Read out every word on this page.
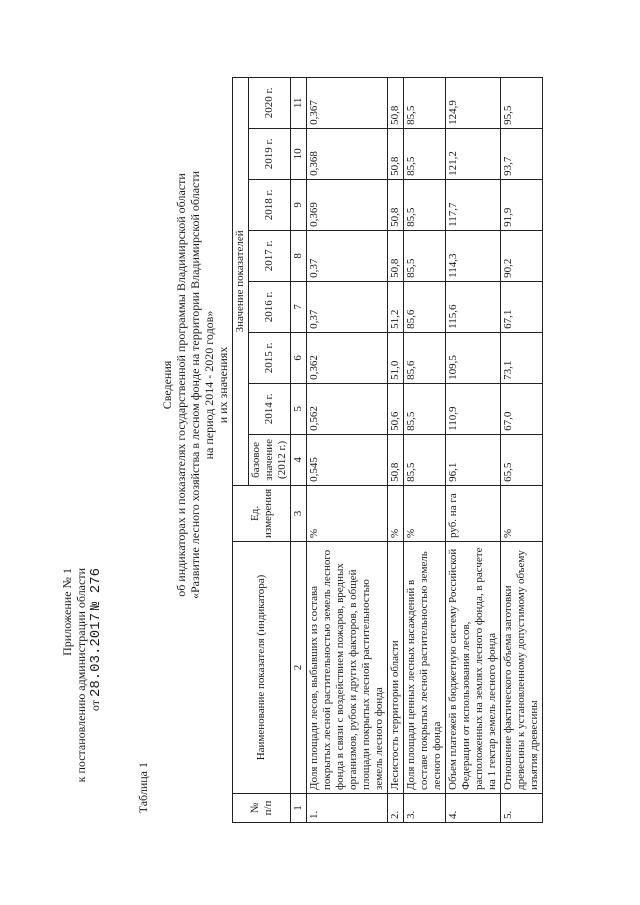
Приложение № 1 к постановлению администрации области от 28.03.2017 № 276
Таблица 1
Сведения об индикаторах и показателях государственной программы Владимирской области «Развитие лесного хозяйства в лесном фонде на территории Владимирской области на период 2014 - 2020 годов» и их значениях
№ п/п	Наименование показателя (индикатора)	Ед. измерения	Значение показателей							
			базовое значение (2012 г.)	2014 г.	2015 г.	2016 г.	2017 г.	2018 г.	2019 г.	2020 г.
1	2	3	4	5	6	7	8	9	10	11
1.	Доля площади лесов, выбывших из состава покрытых лесной растительностью земель лесного фонда в связи с воздействием пожаров, вредных организмов, рубок и других факторов, в общей площади покрытых лесной растительностью земель лесного фонда	%	0,545	0,562	0,362	0,37	0,37	0,369	0,368	0,367
2.	Лесистость территории области	%	50,8	50,6	51,0	51,2	50,8	50,8	50,8	50,8
3.	Доля площади ценных лесных насаждений в составе покрытых лесной растительностью земель лесного фонда	%	85,5	85,5	85,6	85,6	85,5	85,5	85,5	85,5
4.	Объем платежей в бюджетную систему Российской Федерации от использования лесов, расположенных на землях лесного фонда, в расчете на 1 гектар земель лесного фонда	руб. на га	96,1	110,9	109,5	115,6	114,3	117,7	121,2	124,9
5.	Отношение фактического объема заготовки древесины к установленному допустимому объему изъятия древесины	%	65,5	67,0	73,1	67,1	90,2	91,9	93,7	95,5
